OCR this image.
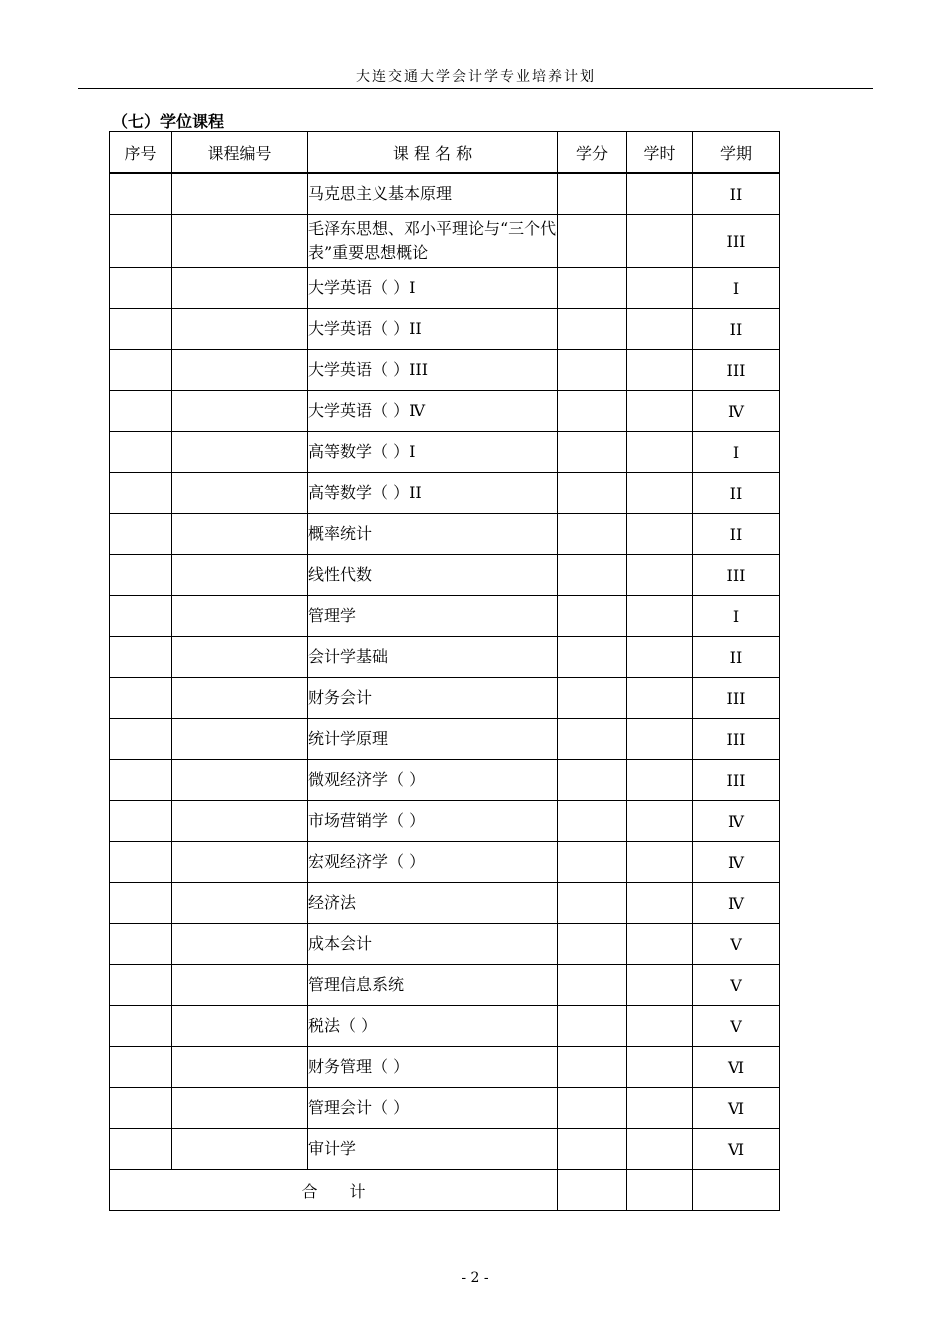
大连交通大学会计学专业培养计划
（七）学位课程
序号	课程编号	课 程 名 称	学分	学时	学期
		马克思主义基本原理			II
		毛泽东思想、邓小平理论与“三个代表”重要思想概论			III
		大学英语（ ）I			I
		大学英语（ ）II			II
		大学英语（ ）III			III
		大学英语（ ）Ⅳ			Ⅳ
		高等数学（ ）I			I
		高等数学（ ）II			II
		概率统计			II
		线性代数			III
		管理学			I
		会计学基础			II
		财务会计			III
		统计学原理			III
		微观经济学（ ）			III
		市场营销学（ ）			Ⅳ
		宏观经济学（ ）			Ⅳ
		经济法			Ⅳ
		成本会计			V
		管理信息系统			V
		税法（ ）			V
		财务管理（ ）			Ⅵ
		管理会计（ ）			Ⅵ
		审计学			Ⅵ
合　　计					
- 2 -
